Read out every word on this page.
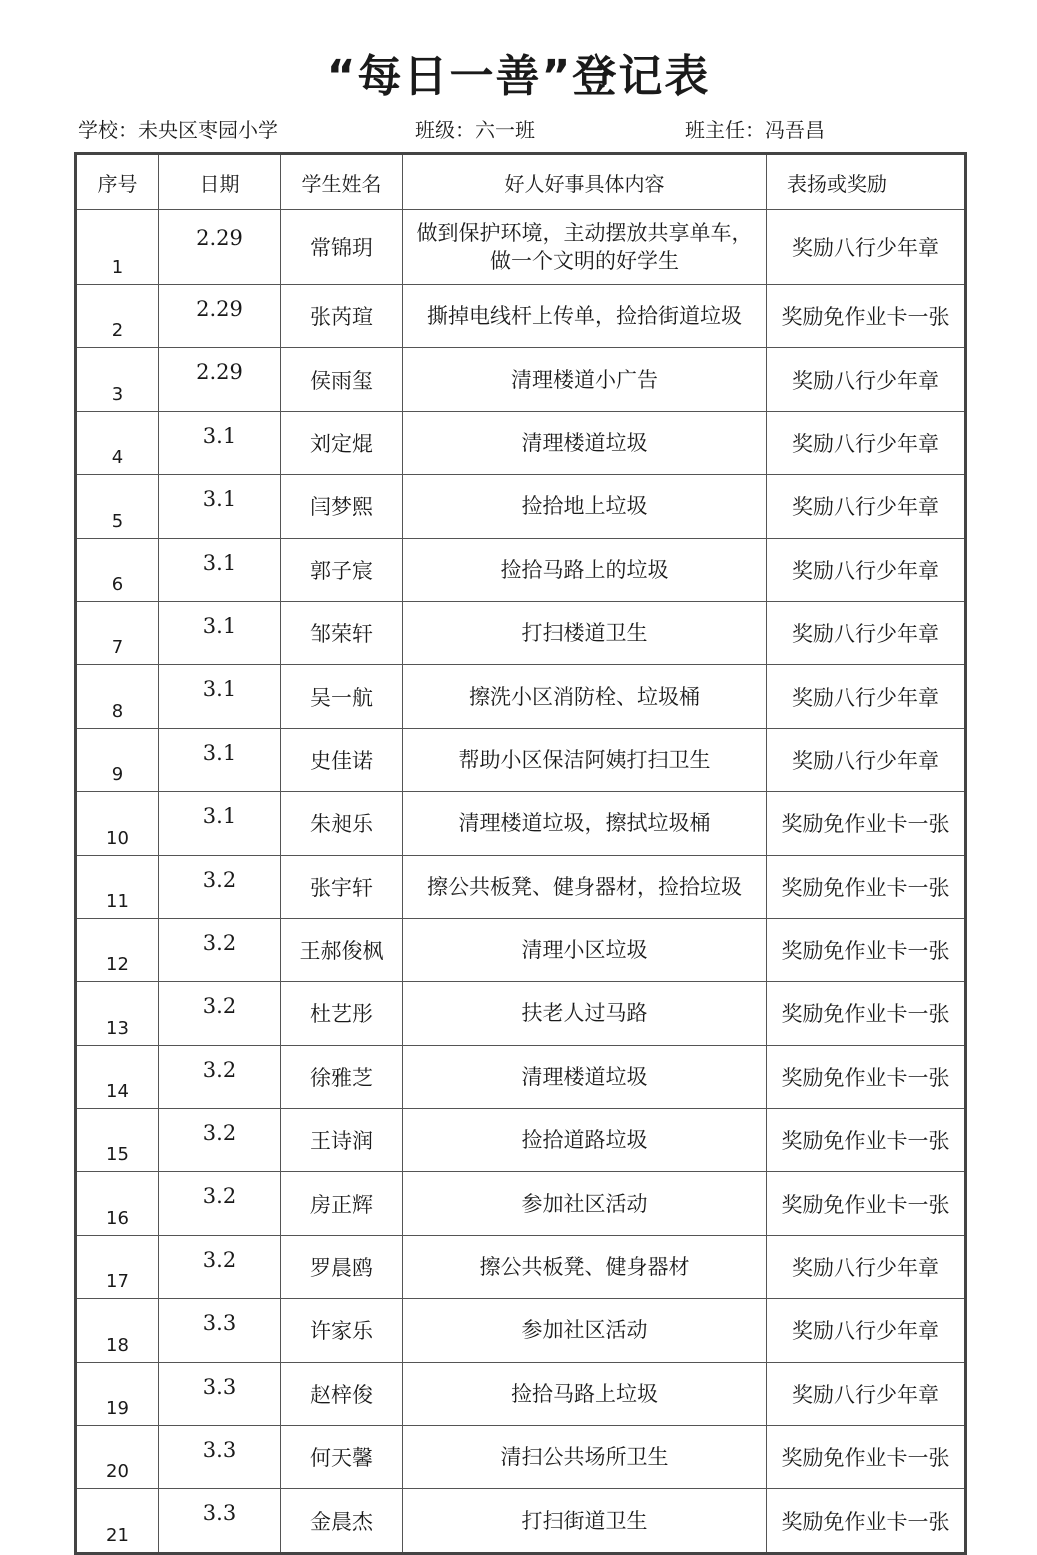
“每日一善”登记表
学校：未央区枣园小学	班级：六一班	班主任：冯吾昌
序号	日期	学生姓名	好人好事具体内容	表扬或奖励
1	2.29	常锦玥	做到保护环境，主动摆放共享单车，做一个文明的好学生	奖励八行少年章
2	2.29	张芮瑄	撕掉电线杆上传单，捡拾街道垃圾	奖励免作业卡一张
3	2.29	侯雨玺	清理楼道小广告	奖励八行少年章
4	3.1	刘定焜	清理楼道垃圾	奖励八行少年章
5	3.1	闫梦熙	捡拾地上垃圾	奖励八行少年章
6	3.1	郭子宸	捡拾马路上的垃圾	奖励八行少年章
7	3.1	邹荣轩	打扫楼道卫生	奖励八行少年章
8	3.1	吴一航	擦洗小区消防栓、垃圾桶	奖励八行少年章
9	3.1	史佳诺	帮助小区保洁阿姨打扫卫生	奖励八行少年章
10	3.1	朱昶乐	清理楼道垃圾，擦拭垃圾桶	奖励免作业卡一张
11	3.2	张宇轩	擦公共板凳、健身器材，捡拾垃圾	奖励免作业卡一张
12	3.2	王郝俊枫	清理小区垃圾	奖励免作业卡一张
13	3.2	杜艺彤	扶老人过马路	奖励免作业卡一张
14	3.2	徐雅芝	清理楼道垃圾	奖励免作业卡一张
15	3.2	王诗润	捡拾道路垃圾	奖励免作业卡一张
16	3.2	房正辉	参加社区活动	奖励免作业卡一张
17	3.2	罗晨鸥	擦公共板凳、健身器材	奖励八行少年章
18	3.3	许家乐	参加社区活动	奖励八行少年章
19	3.3	赵梓俊	捡拾马路上垃圾	奖励八行少年章
20	3.3	何天馨	清扫公共场所卫生	奖励免作业卡一张
21	3.3	金晨杰	打扫街道卫生	奖励免作业卡一张
